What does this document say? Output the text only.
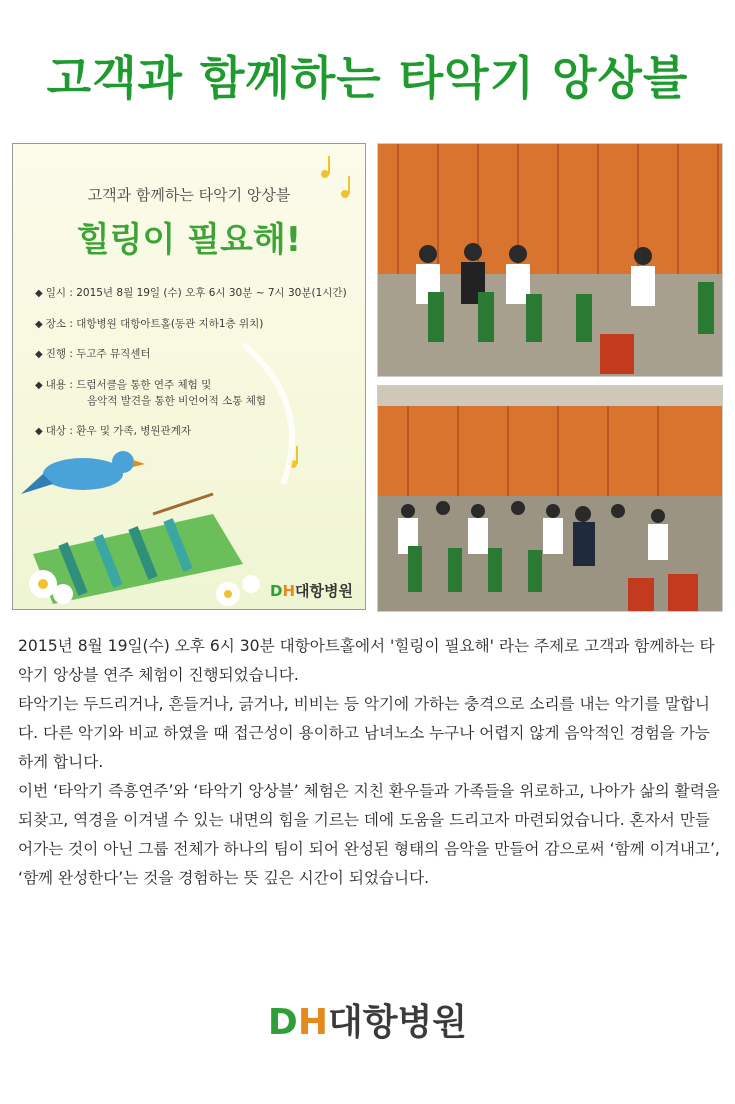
고객과 함께하는 타악기 앙상블
고객과 함께하는 타악기 앙상블
힐링이 필요해!
◆ 일시 : 2015년 8월 19일 (수) 오후 6시 30분 ~ 7시 30분(1시간)
◆ 장소 : 대항병원 대항아트홀(동관 지하1층 위치)
◆ 진행 : 두고주 뮤직센터
◆ 내용 : 드럼서클을 통한 연주 체험 및
음악적 발견을 통한 비언어적 소통 체험
◆ 대상 : 환우 및 가족, 병원관계자
DH대항병원

2015년 8월 19일(수) 오후 6시 30분 대항아트홀에서 '힐링이 필요해' 라는 주제로 고객과 함께하는 타악기 앙상블 연주 체험이 진행되었습니다.

타악기는 두드리거나, 흔들거나, 긁거나, 비비는 등 악기에 가하는 충격으로 소리를 내는 악기를 말합니다. 다른 악기와 비교 하였을 때 접근성이 용이하고 남녀노소 누구나 어렵지 않게 음악적인 경험을 가능하게 합니다.

이번 ‘타악기 즉흥연주’와 ‘타악기 앙상블’ 체험은 지친 환우들과 가족들을 위로하고, 나아가 삶의 활력을 되찾고, 역경을 이겨낼 수 있는 내면의 힘을 기르는 데에 도움을 드리고자 마련되었습니다. 혼자서 만들어가는 것이 아닌 그룹 전체가 하나의 팀이 되어 완성된 형태의 음악을 만들어 감으로써 ‘함께 이겨내고’, ‘함께 완성한다’는 것을 경험하는 뜻 깊은 시간이 되었습니다.

DH대항병원
